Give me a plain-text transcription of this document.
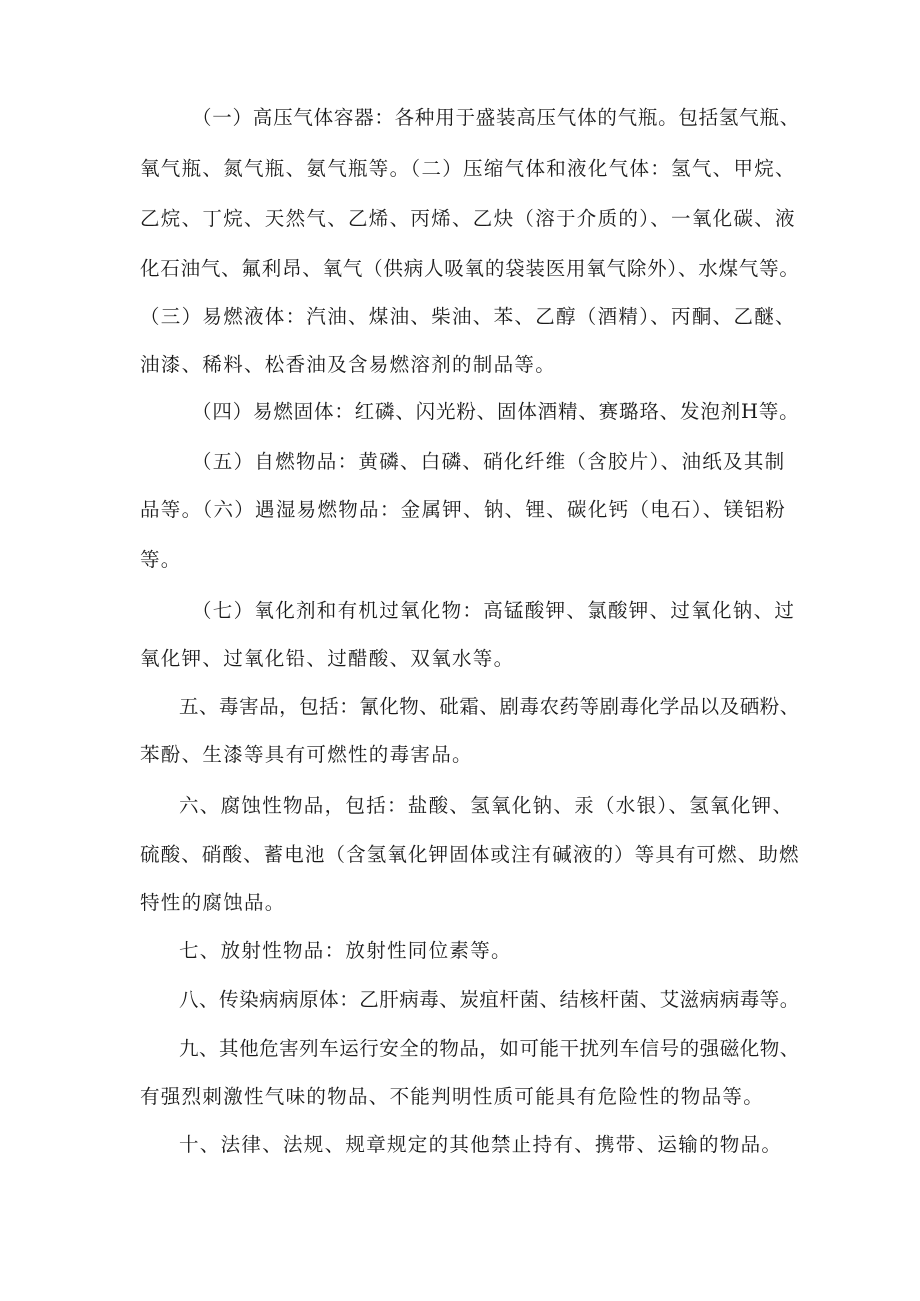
（一）高压气体容器：各种用于盛装高压气体的气瓶。包括氢气瓶、
氧气瓶、氮气瓶、氨气瓶等。（二）压缩气体和液化气体：氢气、甲烷、
乙烷、丁烷、天然气、乙烯、丙烯、乙炔（溶于介质的）、一氧化碳、液
化石油气、氟利昂、氧气（供病人吸氧的袋装医用氧气除外）、水煤气等。
（三）易燃液体：汽油、煤油、柴油、苯、乙醇（酒精）、丙酮、乙醚、
油漆、稀料、松香油及含易燃溶剂的制品等。
（四）易燃固体：红磷、闪光粉、固体酒精、赛璐珞、发泡剂H等。
（五）自燃物品：黄磷、白磷、硝化纤维（含胶片）、油纸及其制
品等。（六）遇湿易燃物品：金属钾、钠、锂、碳化钙（电石）、镁铝粉
等。
（七）氧化剂和有机过氧化物：高锰酸钾、氯酸钾、过氧化钠、过
氧化钾、过氧化铅、过醋酸、双氧水等。
五、毒害品，包括：氰化物、砒霜、剧毒农药等剧毒化学品以及硒粉、
苯酚、生漆等具有可燃性的毒害品。
六、腐蚀性物品，包括：盐酸、氢氧化钠、汞（水银）、氢氧化钾、
硫酸、硝酸、蓄电池（含氢氧化钾固体或注有碱液的）等具有可燃、助燃
特性的腐蚀品。
七、放射性物品：放射性同位素等。
八、传染病病原体：乙肝病毒、炭疽杆菌、结核杆菌、艾滋病病毒等。
九、其他危害列车运行安全的物品，如可能干扰列车信号的强磁化物、
有强烈刺激性气味的物品、不能判明性质可能具有危险性的物品等。
十、法律、法规、规章规定的其他禁止持有、携带、运输的物品。
